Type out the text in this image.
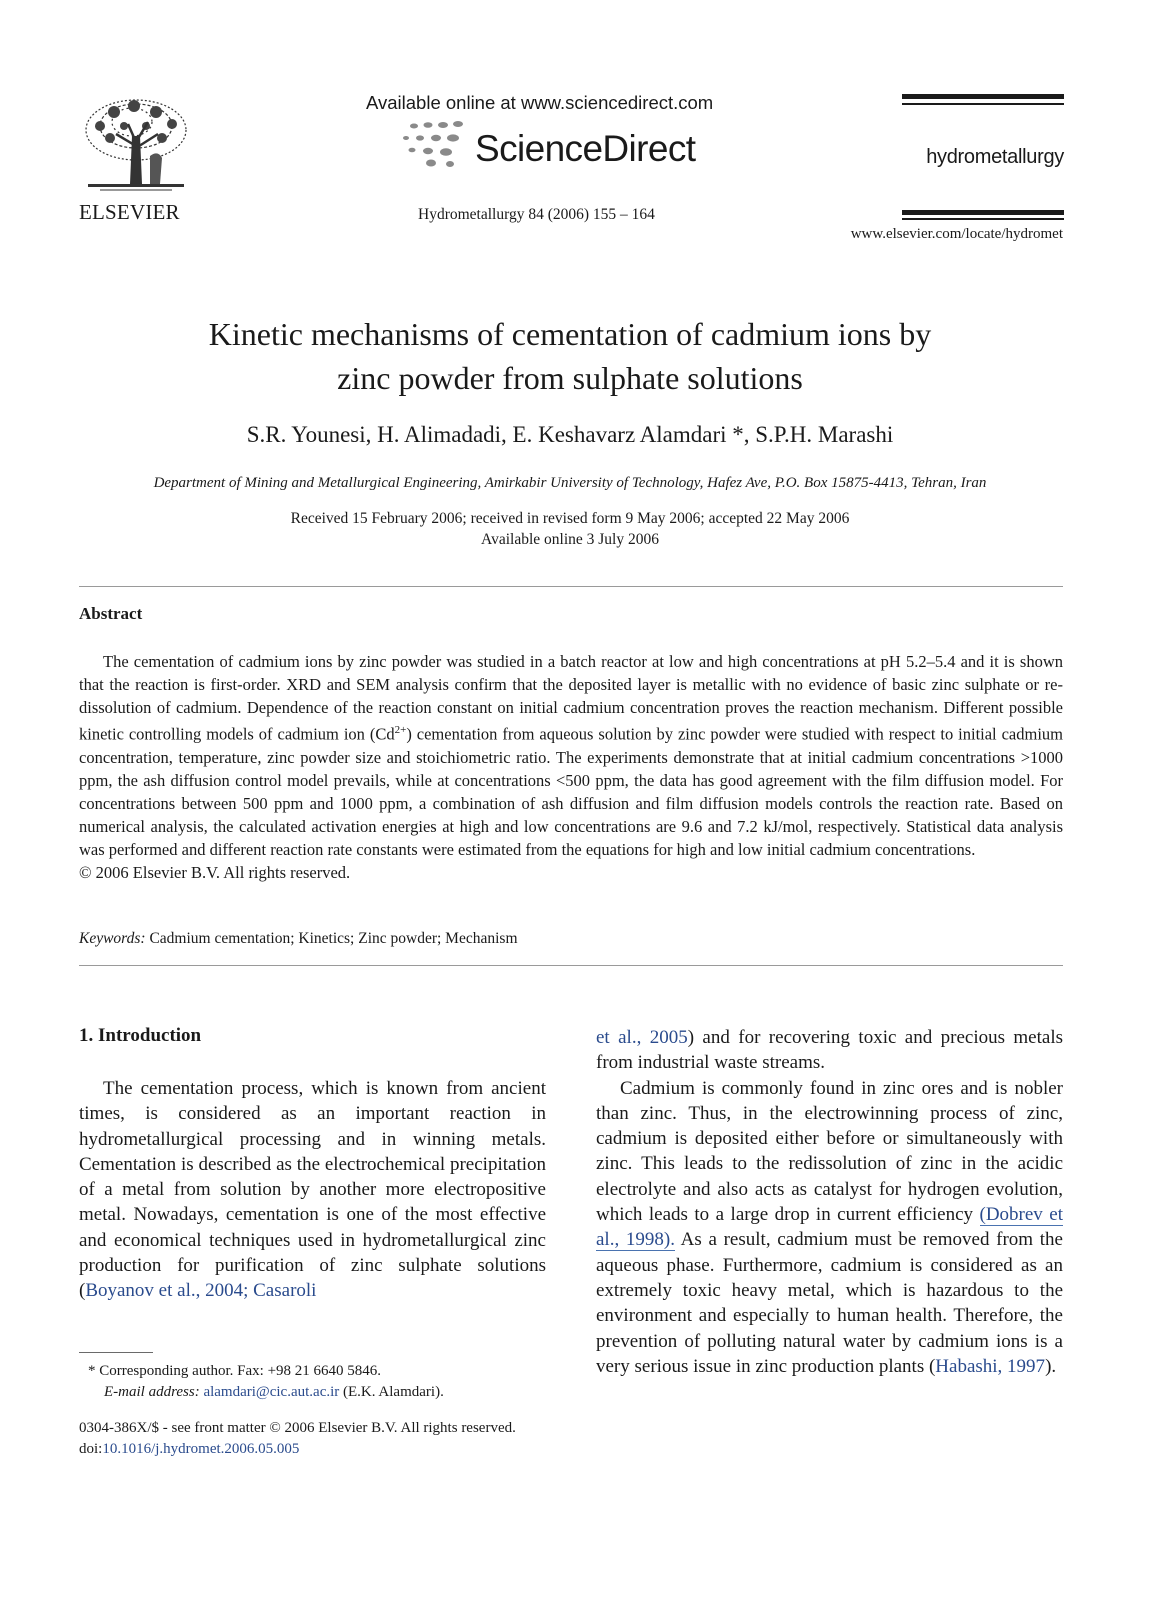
ELSEVIER
Available online at www.sciencedirect.com
ScienceDirect
Hydrometallurgy 84 (2006) 155 – 164
hydrometallurgy
www.elsevier.com/locate/hydromet
Kinetic mechanisms of cementation of cadmium ions by
zinc powder from sulphate solutions
S.R. Younesi, H. Alimadadi, E. Keshavarz Alamdari *, S.P.H. Marashi
Department of Mining and Metallurgical Engineering, Amirkabir University of Technology, Hafez Ave, P.O. Box 15875-4413, Tehran, Iran
Received 15 February 2006; received in revised form 9 May 2006; accepted 22 May 2006
Available online 3 July 2006
Abstract

The cementation of cadmium ions by zinc powder was studied in a batch reactor at low and high concentrations at pH 5.2–5.4 and it is shown that the reaction is first-order. XRD and SEM analysis confirm that the deposited layer is metallic with no evidence of basic zinc sulphate or re-dissolution of cadmium. Dependence of the reaction constant on initial cadmium concentration proves the reaction mechanism. Different possible kinetic controlling models of cadmium ion $(Cd^{2+})$ cementation from aqueous solution by zinc powder were studied with respect to initial cadmium concentration, temperature, zinc powder size and stoichiometric ratio. The experiments demonstrate that at initial cadmium concentrations >1000 ppm, the ash diffusion control model prevails, while at concentrations <500 ppm, the data has good agreement with the film diffusion model. For concentrations between 500 ppm and 1000 ppm, a combination of ash diffusion and film diffusion models controls the reaction rate. Based on numerical analysis, the calculated activation energies at high and low concentrations are 9.6 and 7.2 kJ/mol, respectively. Statistical data analysis was performed and different reaction rate constants were estimated from the equations for high and low initial cadmium concentrations.

© 2006 Elsevier B.V. All rights reserved.
Keywords: Cadmium cementation; Kinetics; Zinc powder; Mechanism
1. Introduction

The cementation process, which is known from ancient times, is considered as an important reaction in hydrometallurgical processing and in winning metals. Cementation is described as the electrochemical precipitation of a metal from solution by another more electropositive metal. Nowadays, cementation is one of the most effective and economical techniques used in hydrometallurgical zinc production for purification of zinc sulphate solutions (Boyanov et al., 2004; Casaroli

et al., 2005) and for recovering toxic and precious metals from industrial waste streams.

Cadmium is commonly found in zinc ores and is nobler than zinc. Thus, in the electrowinning process of zinc, cadmium is deposited either before or simultaneously with zinc. This leads to the redissolution of zinc in the acidic electrolyte and also acts as catalyst for hydrogen evolution, which leads to a large drop in current efficiency (Dobrev et al., 1998). As a result, cadmium must be removed from the aqueous phase. Furthermore, cadmium is considered as an extremely toxic heavy metal, which is hazardous to the environment and especially to human health. Therefore, the prevention of polluting natural water by cadmium ions is a very serious issue in zinc production plants (Habashi, 1997).

* Corresponding author. Fax: +98 21 6640 5846.
E-mail address: alamdari@cic.aut.ac.ir (E.K. Alamdari).
0304-386X/$ - see front matter © 2006 Elsevier B.V. All rights reserved.
doi:10.1016/j.hydromet.2006.05.005
